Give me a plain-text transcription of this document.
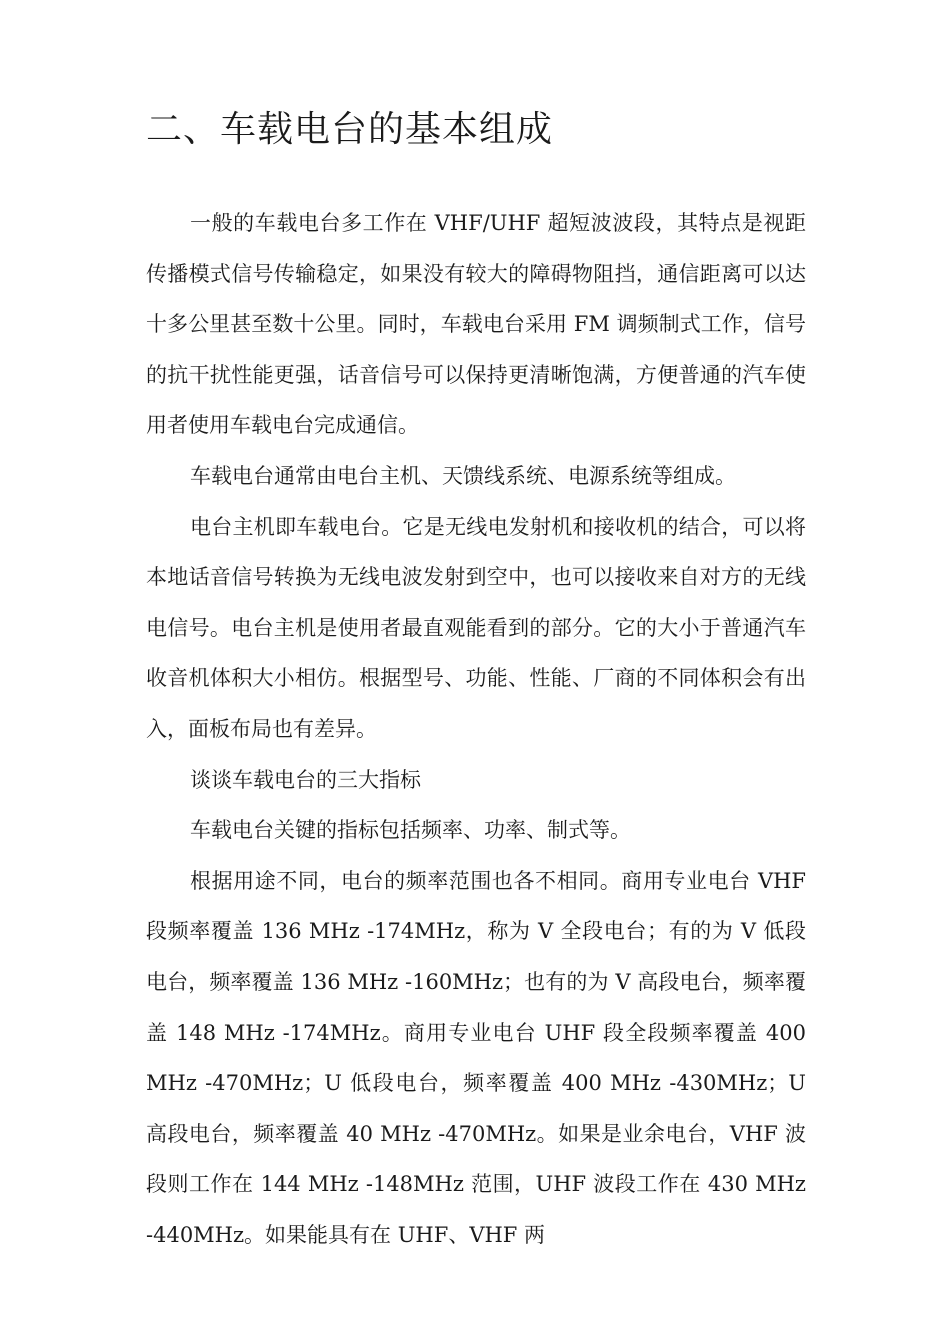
二、车载电台的基本组成

一般的车载电台多工作在 VHF/UHF 超短波波段，其特点是视距传播模式信号传输稳定，如果没有较大的障碍物阻挡，通信距离可以达十多公里甚至数十公里。同时，车载电台采用 FM 调频制式工作，信号的抗干扰性能更强，话音信号可以保持更清晰饱满，方便普通的汽车使用者使用车载电台完成通信。

车载电台通常由电台主机、天馈线系统、电源系统等组成。

电台主机即车载电台。它是无线电发射机和接收机的结合，可以将本地话音信号转换为无线电波发射到空中，也可以接收来自对方的无线电信号。电台主机是使用者最直观能看到的部分。它的大小于普通汽车收音机体积大小相仿。根据型号、功能、性能、厂商的不同体积会有出入，面板布局也有差异。

谈谈车载电台的三大指标

车载电台关键的指标包括频率、功率、制式等。

根据用途不同，电台的频率范围也各不相同。商用专业电台 VHF 段频率覆盖 136 MHz -174MHz，称为 V 全段电台；有的为 V 低段电台，频率覆盖 136 MHz -160MHz；也有的为 V 高段电台，频率覆盖 148 MHz -174MHz。商用专业电台 UHF 段全段频率覆盖 400 MHz -470MHz；U 低段电台，频率覆盖 400 MHz -430MHz；U 高段电台，频率覆盖 40 MHz -470MHz。如果是业余电台，VHF 波段则工作在 144 MHz -148MHz 范围，UHF 波段工作在 430 MHz -440MHz。如果能具有在 UHF、VHF 两
